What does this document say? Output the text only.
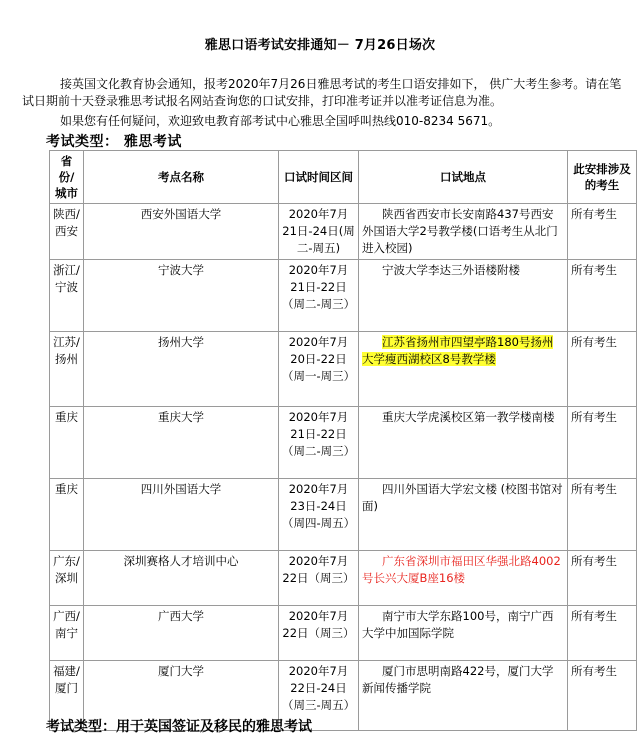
雅思口语考试安排通知－ 7月26日场次
接英国文化教育协会通知，报考2020年7月26日雅思考试的考生口语安排如下， 供广大考生参考。请在笔试日期前十天登录雅思考试报名网站查询您的口试安排，打印准考证并以准考证信息为准。
如果您有任何疑问，欢迎致电教育部考试中心雅思全国呼叫热线010-8234 5671。
考试类型： 雅思考试
省份/城市	考点名称	口试时间区间	口试地点	此安排涉及的考生
陕西/西安	西安外国语大学	2020年7月21日-24日(周二-周五)	陕西省西安市长安南路437号西安外国语大学2号教学楼(口语考生从北门进入校园)	所有考生
浙江/宁波	宁波大学	2020年7月21日-22日（周二-周三）	宁波大学李达三外语楼附楼	所有考生
江苏/扬州	扬州大学	2020年7月20日-22日（周一-周三）	江苏省扬州市四望亭路180号扬州大学瘦西湖校区8号教学楼	所有考生
重庆	重庆大学	2020年7月21日-22日（周二-周三）	重庆大学虎溪校区第一教学楼南楼	所有考生
重庆	四川外国语大学	2020年7月23日-24日（周四-周五）	四川外国语大学宏文楼 (校图书馆对面)	所有考生
广东/深圳	深圳赛格人才培训中心	2020年7月22日（周三）	广东省深圳市福田区华强北路4002号长兴大厦B座16楼	所有考生
广西/南宁	广西大学	2020年7月22日（周三）	南宁市大学东路100号，南宁广西大学中加国际学院	所有考生
福建/厦门	厦门大学	2020年7月22日-24日（周三-周五）	厦门市思明南路422号，厦门大学新闻传播学院	所有考生
考试类型：用于英国签证及移民的雅思考试
